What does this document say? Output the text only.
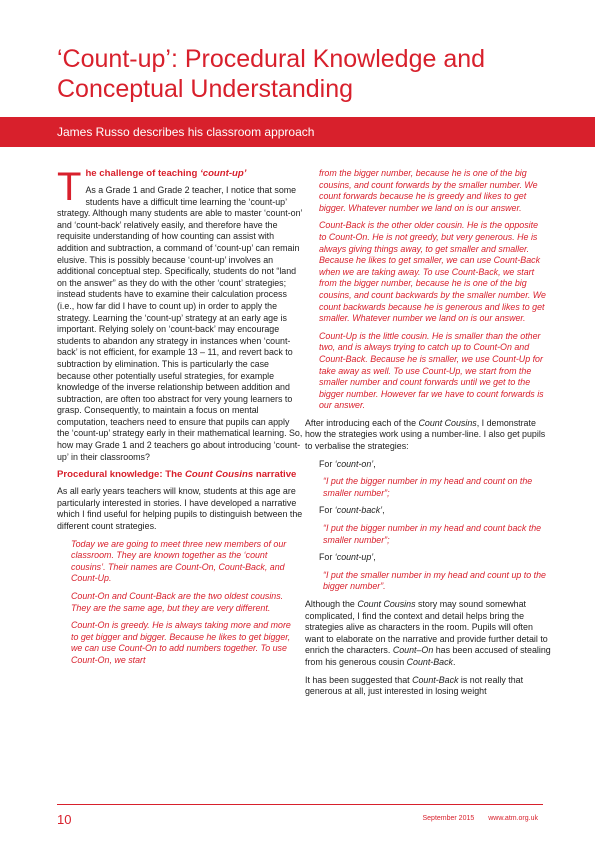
‘Count-up’: Procedural Knowledge and Conceptual Understanding
James Russo describes his classroom approach
T he challenge of teaching ‘count-up’

As a Grade 1 and Grade 2 teacher, I notice that some students have a difficult time learning the ‘count-up’ strategy. Although many students are able to master ‘count-on’ and ‘count-back’ relatively easily, and therefore have the requisite understanding of how counting can assist with addition and subtraction, a command of ‘count-up’ can remain elusive. This is possibly because ‘count-up’ involves an additional conceptual step. Specifically, students do not “land on the answer” as they do with the other ‘count’ strategies; instead students have to examine their calculation process (i.e., how far did I have to count up) in order to apply the strategy. Learning the ‘count-up’ strategy at an early age is important. Relying solely on ‘count-back’ may encourage students to abandon any strategy in instances when ‘count-back’ is not efficient, for example 13 – 11, and revert back to subtraction by elimination. This is particularly the case because other potentially useful strategies, for example knowledge of the inverse relationship between addition and subtraction, are often too abstract for very young learners to grasp. Consequently, to maintain a focus on mental computation, teachers need to ensure that pupils can apply the ‘count-up’ strategy early in their mathematical learning. So, how may Grade 1 and 2 teachers go about introducing ‘count-up’ in their classrooms?

Procedural knowledge: The Count Cousins narrative

As all early years teachers will know, students at this age are particularly interested in stories. I have developed a narrative which I find useful for helping pupils to distinguish between the different count strategies.

Today we are going to meet three new members of our classroom. They are known together as the ‘count cousins’. Their names are Count-On, Count-Back, and Count-Up.

Count-On and Count-Back are the two oldest cousins. They are the same age, but they are very different.

Count-On is greedy. He is always taking more and more to get bigger and bigger. Because he likes to get bigger, we can use Count-On to add numbers together. To use Count-On, we start

from the bigger number, because he is one of the big cousins, and count forwards by the smaller number. We count forwards because he is greedy and likes to get bigger. Whatever number we land on is our answer.

Count-Back is the other older cousin. He is the opposite to Count-On. He is not greedy, but very generous. He is always giving things away, to get smaller and smaller. Because he likes to get smaller, we can use Count-Back when we are taking away. To use Count-Back, we start from the bigger number, because he is one of the big cousins, and count backwards by the smaller number. We count backwards because he is generous and likes to get smaller. Whatever number we land on is our answer.

Count-Up is the little cousin. He is smaller than the other two, and is always trying to catch up to Count-On and Count-Back. Because he is smaller, we use Count-Up for take away as well. To use Count-Up, we start from the smaller number and count forwards until we get to the bigger number. However far we have to count forwards is our answer.

After introducing each of the Count Cousins, I demonstrate how the strategies work using a number-line. I also get pupils to verbalise the strategies:

For ‘count-on’,

“I put the bigger number in my head and count on the smaller number”;

For ‘count-back’,

“I put the bigger number in my head and count back the smaller number”;

For ‘count-up’,

“I put the smaller number in my head and count up to the bigger number”.

Although the Count Cousins story may sound somewhat complicated, I find the context and detail helps bring the strategies alive as characters in the room. Pupils will often want to elaborate on the narrative and provide further detail to enrich the characters. Count–On has been accused of stealing from his generous cousin Count-Back.

It has been suggested that Count-Back is not really that generous at all, just interested in losing weight

10	September 2015 www.atm.org.uk
